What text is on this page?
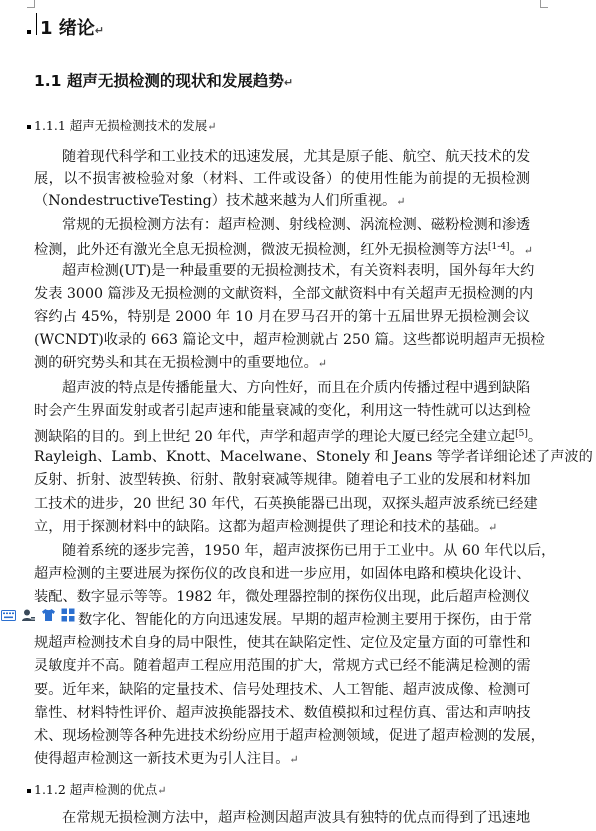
1 绪论↵
1.1 超声无损检测的现状和发展趋势↵
1.1.1 超声无损检测技术的发展↵
随着现代科学和工业技术的迅速发展，尤其是原子能、航空、航天技术的发
展，以不损害被检验对象（材料、工件或设备）的使用性能为前提的无损检测
（NondestructiveTesting）技术越来越为人们所重视。↵
常规的无损检测方法有：超声检测、射线检测、涡流检测、磁粉检测和渗透
检测，此外还有激光全息无损检测，微波无损检测，红外无损检测等方法[1-4]。↵
超声检测(UT)是一种最重要的无损检测技术，有关资料表明，国外每年大约
发表 3000 篇涉及无损检测的文献资料，全部文献资料中有关超声无损检测的内
容约占 45%，特别是 2000 年 10 月在罗马召开的第十五届世界无损检测会议
(WCNDT)收录的 663 篇论文中，超声检测就占 250 篇。这些都说明超声无损检
测的研究势头和其在无损检测中的重要地位。↵
超声波的特点是传播能量大、方向性好，而且在介质内传播过程中遇到缺陷
时会产生界面发射或者引起声速和能量衰减的变化，利用这一特性就可以达到检
测缺陷的目的。到上世纪 20 年代，声学和超声学的理论大厦已经完全建立起[5]。
Rayleigh、Lamb、Knott、Macelwane、Stonely 和 Jeans 等学者详细论述了声波的
反射、折射、波型转换、衍射、散射衰减等规律。随着电子工业的发展和材料加
工技术的进步，20 世纪 30 年代，石英换能器已出现，双探头超声波系统已经建
立，用于探测材料中的缺陷。这都为超声检测提供了理论和技术的基础。↵
随着系统的逐步完善，1950 年，超声波探伤已用于工业中。从 60 年代以后，
超声检测的主要进展为探伤仪的改良和进一步应用，如固体电路和模块化设计、
装配、数字显示等等。1982 年，微处理器控制的探伤仪出现，此后超声检测仪
数字化、智能化的方向迅速发展。早期的超声检测主要用于探伤，由于常
规超声检测技术自身的局中限性，使其在缺陷定性、定位及定量方面的可靠性和
灵敏度并不高。随着超声工程应用范围的扩大，常规方式已经不能满足检测的需
要。近年来，缺陷的定量技术、信号处理技术、人工智能、超声波成像、检测可
靠性、材料特性评价、超声波换能器技术、数值模拟和过程仿真、雷达和声呐技
术、现场检测等各种先进技术纷纷应用于超声检测领域，促进了超声检测的发展，
使得超声检测这一新技术更为引人注目。↵
1.1.2 超声检测的优点↵
在常规无损检测方法中，超声检测因超声波具有独特的优点而得到了迅速地
